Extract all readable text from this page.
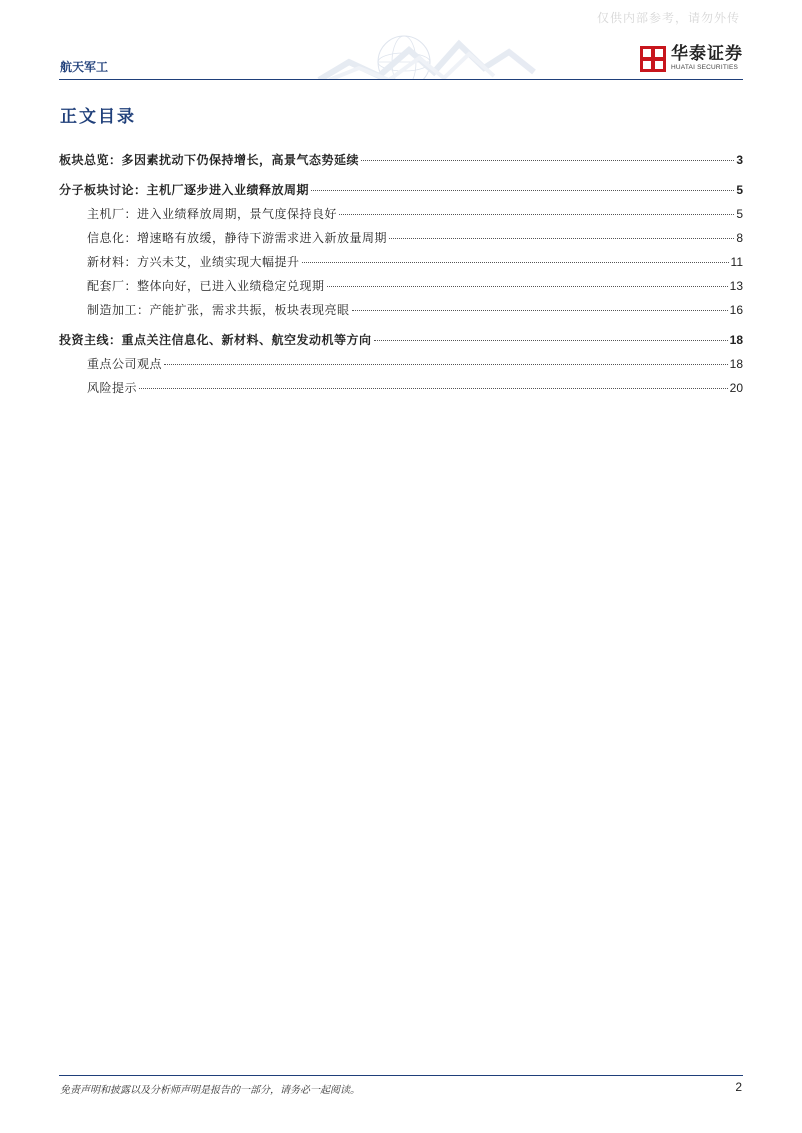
仅供内部参考，请勿外传
航天军工
华泰证券
HUATAI SECURITIES
正文目录
板块总览：多因素扰动下仍保持增长，高景气态势延续	3
分子板块讨论：主机厂逐步进入业绩释放周期	5
主机厂：进入业绩释放周期，景气度保持良好	5
信息化：增速略有放缓，静待下游需求进入新放量周期	8
新材料：方兴未艾，业绩实现大幅提升	11
配套厂：整体向好，已进入业绩稳定兑现期	13
制造加工：产能扩张，需求共振，板块表现亮眼	16
投资主线：重点关注信息化、新材料、航空发动机等方向	18
重点公司观点	18
风险提示	20
免责声明和披露以及分析师声明是报告的一部分，请务必一起阅读。	2
